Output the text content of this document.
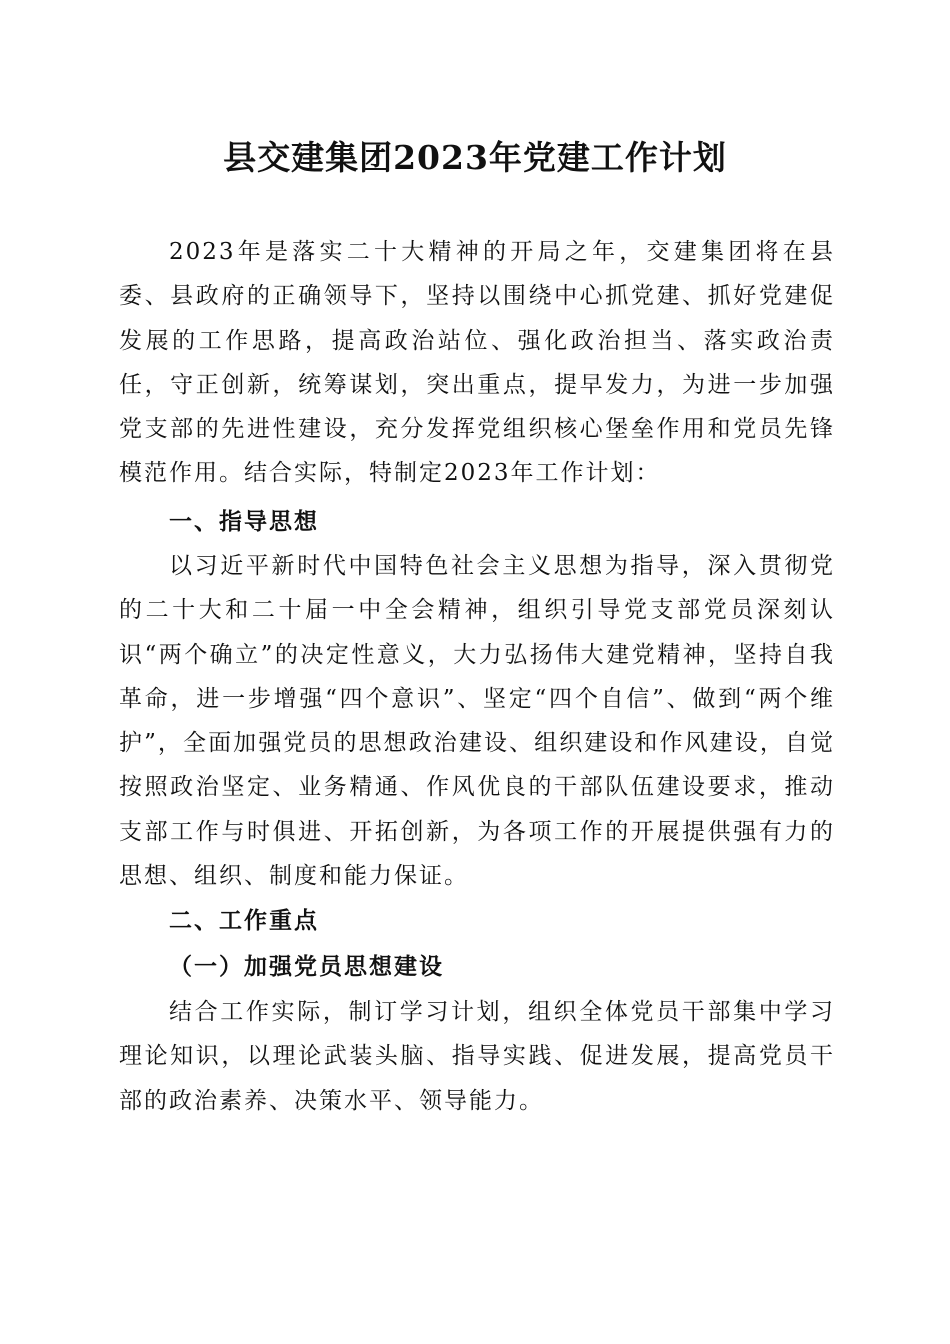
县交建集团2023年党建工作计划

2023年是落实二十大精神的开局之年，交建集团将在县委、县政府的正确领导下，坚持以围绕中心抓党建、抓好党建促发展的工作思路，提高政治站位、强化政治担当、落实政治责任，守正创新，统筹谋划，突出重点，提早发力，为进一步加强党支部的先进性建设，充分发挥党组织核心堡垒作用和党员先锋模范作用。结合实际，特制定2023年工作计划：

一、指导思想

以习近平新时代中国特色社会主义思想为指导，深入贯彻党的二十大和二十届一中全会精神，组织引导党支部党员深刻认识“两个确立”的决定性意义，大力弘扬伟大建党精神，坚持自我革命，进一步增强“四个意识”、坚定“四个自信”、做到“两个维护”，全面加强党员的思想政治建设、组织建设和作风建设，自觉按照政治坚定、业务精通、作风优良的干部队伍建设要求，推动支部工作与时俱进、开拓创新，为各项工作的开展提供强有力的思想、组织、制度和能力保证。

二、工作重点
（一）加强党员思想建设

结合工作实际，制订学习计划，组织全体党员干部集中学习理论知识，以理论武装头脑、指导实践、促进发展，提高党员干部的政治素养、决策水平、领导能力。
